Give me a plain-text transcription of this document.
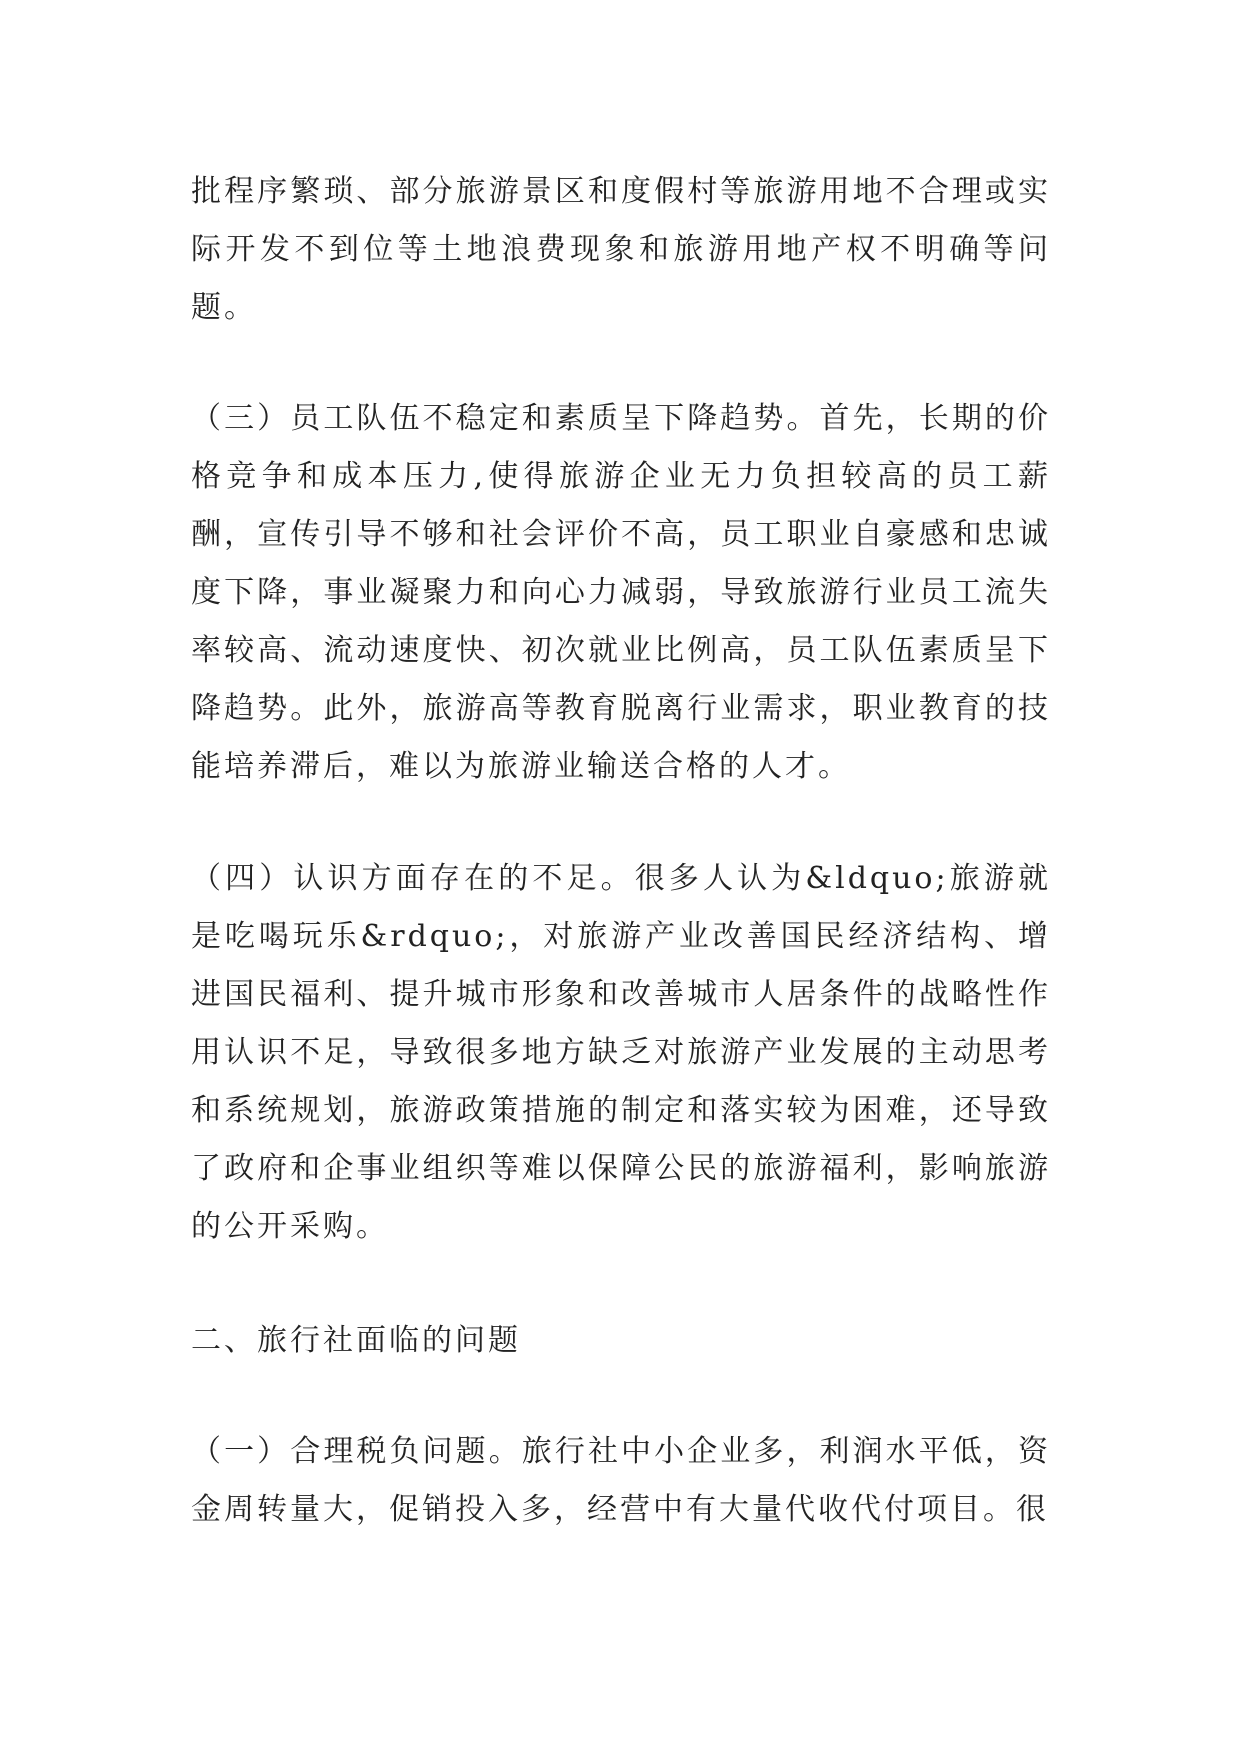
批程序繁琐、部分旅游景区和度假村等旅游用地不合理或实际开发不到位等土地浪费现象和旅游用地产权不明确等问题。

（三）员工队伍不稳定和素质呈下降趋势。首先，长期的价格竞争和成本压力,使得旅游企业无力负担较高的员工薪酬，宣传引导不够和社会评价不高，员工职业自豪感和忠诚度下降，事业凝聚力和向心力减弱，导致旅游行业员工流失率较高、流动速度快、初次就业比例高，员工队伍素质呈下降趋势。此外，旅游高等教育脱离行业需求，职业教育的技能培养滞后，难以为旅游业输送合格的人才。

（四）认识方面存在的不足。很多人认为&ldquo;旅游就是吃喝玩乐&rdquo;，对旅游产业改善国民经济结构、增进国民福利、提升城市形象和改善城市人居条件的战略性作用认识不足，导致很多地方缺乏对旅游产业发展的主动思考和系统规划，旅游政策措施的制定和落实较为困难，还导致了政府和企事业组织等难以保障公民的旅游福利，影响旅游的公开采购。

二、旅行社面临的问题

（一）合理税负问题。旅行社中小企业多，利润水平低，资金周转量大，促销投入多，经营中有大量代收代付项目。很
